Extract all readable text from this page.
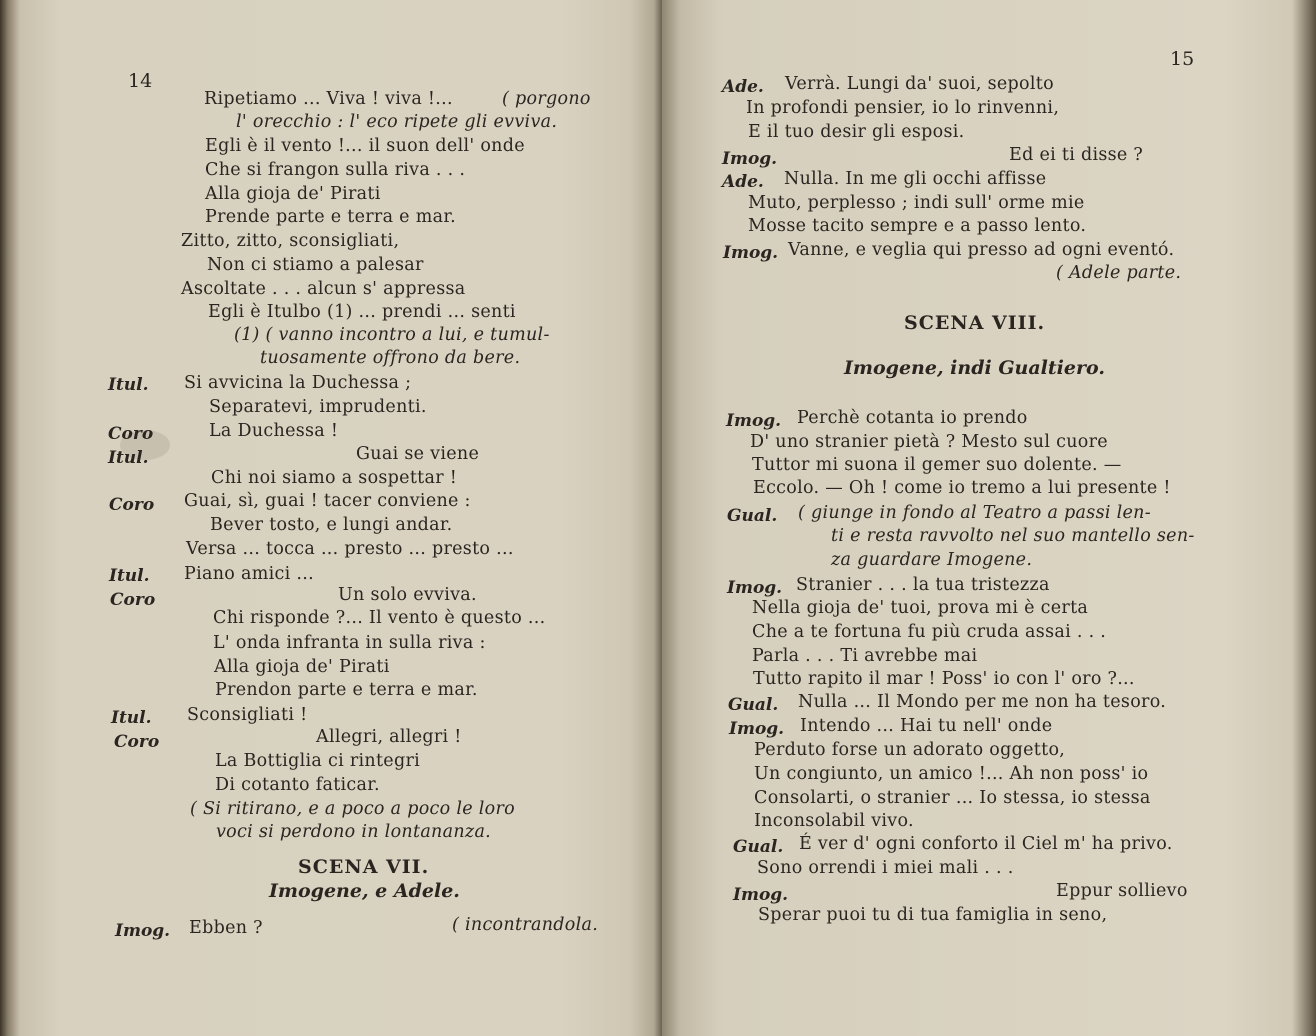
14
Ripetiamo ... Viva ! viva !...	( porgono
l' orecchio : l' eco ripete gli evviva.
Egli è il vento !... il suon dell' onde
Che si frangon sulla riva . . .
Alla gioja de' Pirati
Prende parte e terra e mar.
Zitto, zitto, sconsigliati,
Non ci stiamo a palesar
Ascoltate . . . alcun s' appressa
Egli è Itulbo (1) ... prendi ... senti
(1) ( vanno incontro a lui, e tumul-
tuosamente offrono da bere.
Itul. Si avvicina la Duchessa ;
Separatevi, imprudenti.
Coro	La Duchessa !
Itul.	Guai se viene
Chi noi siamo a sospettar !
Coro Guai, sì, guai ! tacer conviene :
Bever tosto, e lungi andar.
Versa ... tocca ... presto ... presto ...
Itul. Piano amici ...
Coro	Un solo evviva.
Chi risponde ?... Il vento è questo ...
L' onda infranta in sulla riva :
Alla gioja de' Pirati
Prendon parte e terra e mar.
Itul. Sconsigliati !
Coro	Allegri, allegri !
La Bottiglia ci rintegri
Di cotanto faticar.
( Si ritirano, e a poco a poco le loro
voci si perdono in lontananza.
SCENA VII.
Imogene, e Adele.
Imog. Ebben ?	( incontrandola.
15
Ade. Verrà. Lungi da' suoi, sepolto
In profondi pensier, io lo rinvenni,
E il tuo desir gli esposi.
Imog.	Ed ei ti disse ?
Ade. Nulla. In me gli occhi affisse
Muto, perplesso ; indi sull' orme mie
Mosse tacito sempre e a passo lento.
Imog. Vanne, e veglia qui presso ad ogni eventó.
( Adele parte.
SCENA VIII.
Imogene, indi Gualtiero.
Imog. Perchè cotanta io prendo
D' uno stranier pietà ? Mesto sul cuore
Tuttor mi suona il gemer suo dolente. —
Eccolo. — Oh ! come io tremo a lui presente !
Gual. ( giunge in fondo al Teatro a passi len-
ti e resta ravvolto nel suo mantello sen-
za guardare Imogene.
Imog. Stranier . . . la tua tristezza
Nella gioja de' tuoi, prova mi è certa
Che a te fortuna fu più cruda assai . . .
Parla . . . Ti avrebbe mai
Tutto rapito il mar ! Poss' io con l' oro ?...
Gual. Nulla ... Il Mondo per me non ha tesoro.
Imog. Intendo ... Hai tu nell' onde
Perduto forse un adorato oggetto,
Un congiunto, un amico !... Ah non poss' io
Consolarti, o stranier ... Io stessa, io stessa
Inconsolabil vivo.
Gual. É ver d' ogni conforto il Ciel m' ha privo.
Sono orrendi i miei mali . . .
Imog.	Eppur sollievo
Sperar puoi tu di tua famiglia in seno,
